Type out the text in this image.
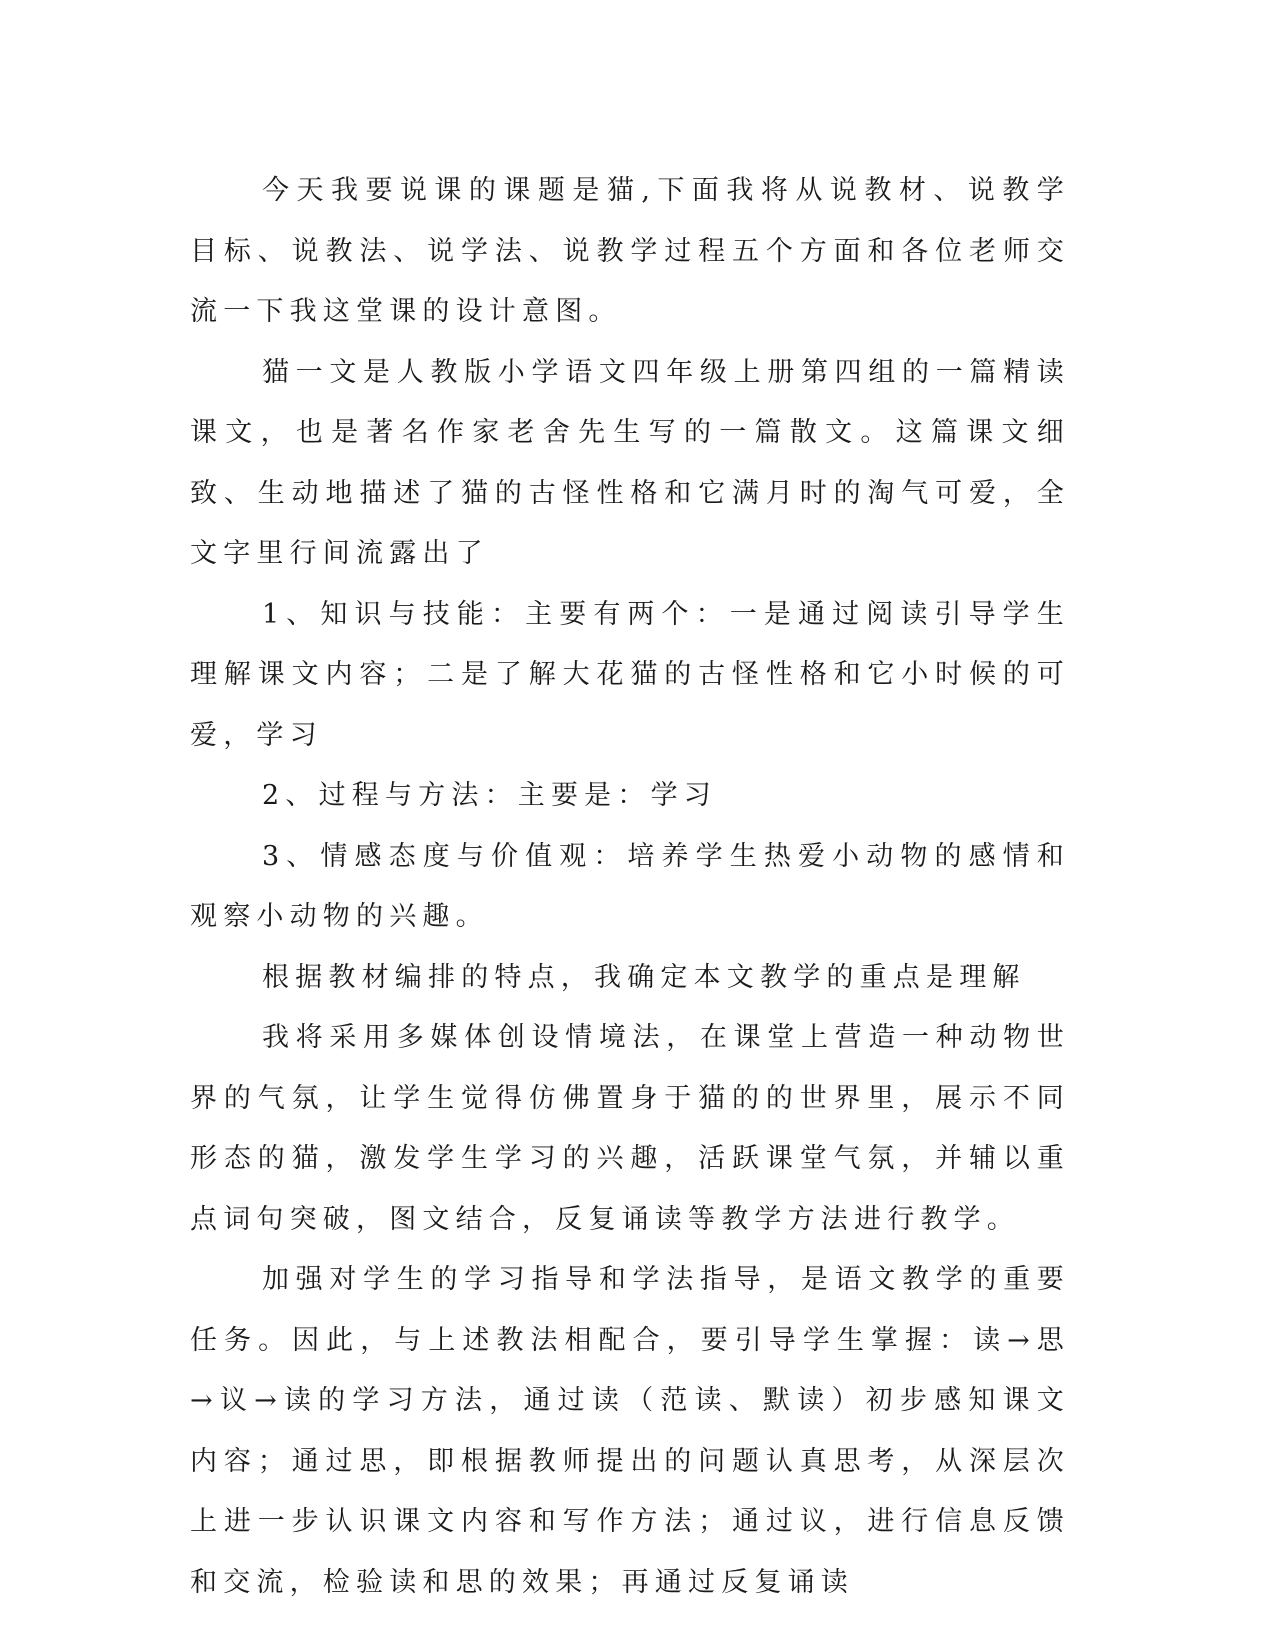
今天我要说课的课题是猫,下面我将从说教材、说教学目标、说教法、说学法、说教学过程五个方面和各位老师交流一下我这堂课的设计意图。

猫一文是人教版小学语文四年级上册第四组的一篇精读课文，也是著名作家老舍先生写的一篇散文。这篇课文细致、生动地描述了猫的古怪性格和它满月时的淘气可爱，全文字里行间流露出了

1、知识与技能：主要有两个：一是通过阅读引导学生理解课文内容；二是了解大花猫的古怪性格和它小时候的可爱，学习

2、过程与方法：主要是：学习

3、情感态度与价值观：培养学生热爱小动物的感情和观察小动物的兴趣。

根据教材编排的特点，我确定本文教学的重点是理解

我将采用多媒体创设情境法，在课堂上营造一种动物世界的气氛，让学生觉得仿佛置身于猫的的世界里，展示不同形态的猫，激发学生学习的兴趣，活跃课堂气氛，并辅以重点词句突破，图文结合，反复诵读等教学方法进行教学。

加强对学生的学习指导和学法指导，是语文教学的重要任务。因此，与上述教法相配合，要引导学生掌握：读→思→议→读的学习方法，通过读（范读、默读）初步感知课文内容；通过思，即根据教师提出的问题认真思考，从深层次上进一步认识课文内容和写作方法；通过议，进行信息反馈和交流，检验读和思的效果；再通过反复诵读
